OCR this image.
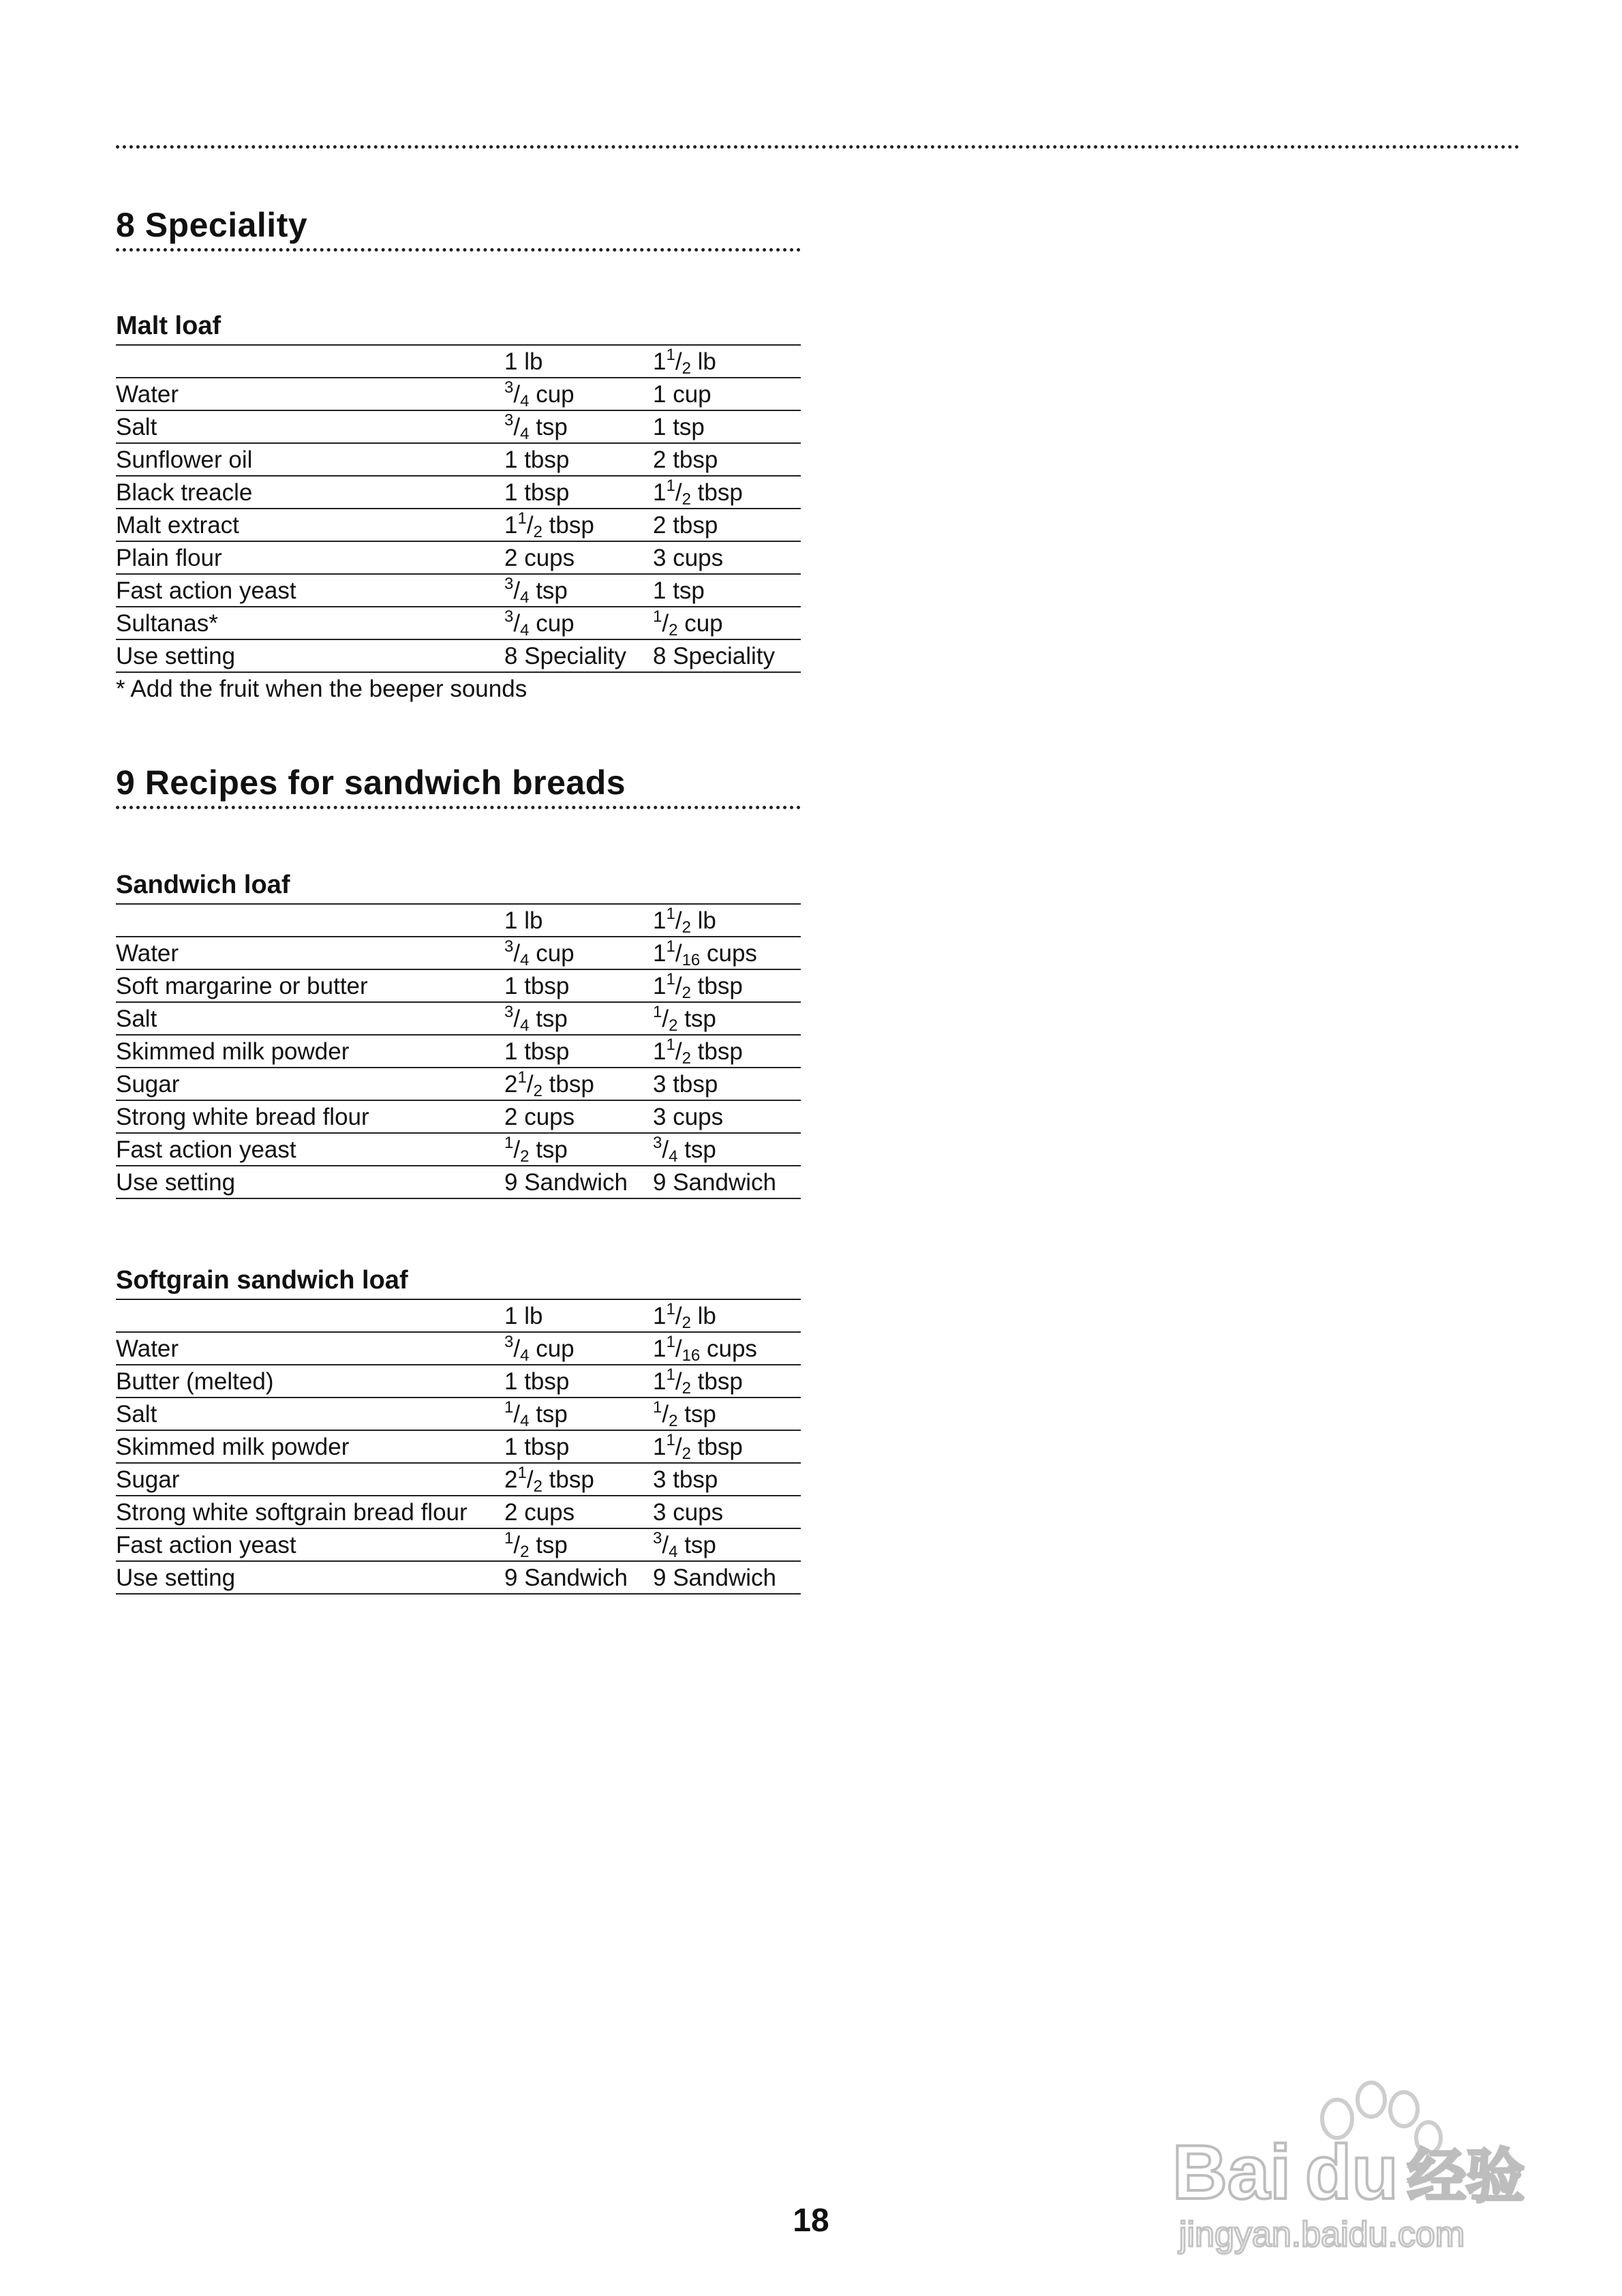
8 Speciality
Malt loaf
	1 lb	$1^1/_2$ lb
Water	$^3/_4$ cup	1 cup
Salt	$^3/_4$ tsp	1 tsp
Sunflower oil	1 tbsp	2 tbsp
Black treacle	1 tbsp	$1^1/_2$ tbsp
Malt extract	$1^1/_2$ tbsp	2 tbsp
Plain flour	2 cups	3 cups
Fast action yeast	$^3/_4$ tsp	1 tsp
Sultanas*	$^3/_4$ cup	$^1/_2$ cup
Use setting	8 Speciality	8 Speciality
* Add the fruit when the beeper sounds
9 Recipes for sandwich breads
Sandwich loaf
	1 lb	$1^1/_2$ lb
Water	$^3/_4$ cup	$1^1/_{16}$ cups
Soft margarine or butter	1 tbsp	$1^1/_2$ tbsp
Salt	$^3/_4$ tsp	$^1/_2$ tsp
Skimmed milk powder	1 tbsp	$1^1/_2$ tbsp
Sugar	$2^1/_2$ tbsp	3 tbsp
Strong white bread flour	2 cups	3 cups
Fast action yeast	$^1/_2$ tsp	$^3/_4$ tsp
Use setting	9 Sandwich	9 Sandwich
Softgrain sandwich loaf
	1 lb	$1^1/_2$ lb
Water	$^3/_4$ cup	$1^1/_{16}$ cups
Butter (melted)	1 tbsp	$1^1/_2$ tbsp
Salt	$^1/_4$ tsp	$^1/_2$ tsp
Skimmed milk powder	1 tbsp	$1^1/_2$ tbsp
Sugar	$2^1/_2$ tbsp	3 tbsp
Strong white softgrain bread flour	2 cups	3 cups
Fast action yeast	$^1/_2$ tsp	$^3/_4$ tsp
Use setting	9 Sandwich	9 Sandwich
18
Bai du 经验
jingyan.baidu.com
